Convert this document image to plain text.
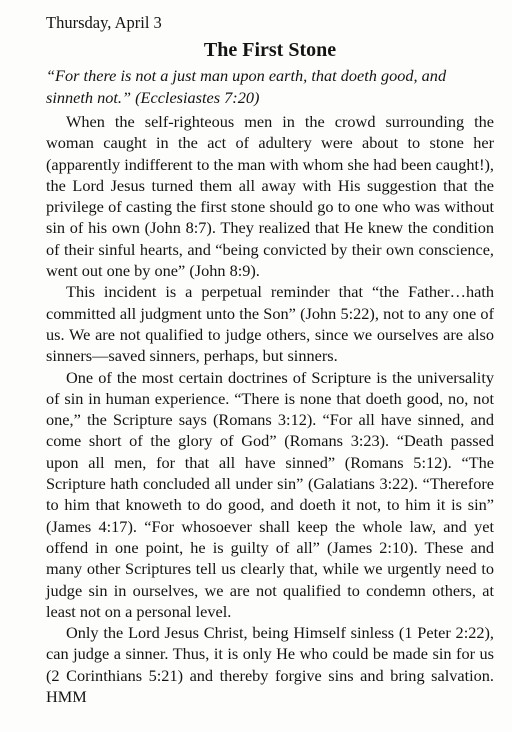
Thursday, April 3

The First Stone

“For there is not a just man upon earth, that doeth good, and sinneth not.” (Ecclesiastes 7:20)

When the self-righteous men in the crowd surrounding the woman caught in the act of adultery were about to stone her (apparently indifferent to the man with whom she had been caught!), the Lord Jesus turned them all away with His suggestion that the privilege of casting the first stone should go to one who was without sin of his own (John 8:7). They realized that He knew the condition of their sinful hearts, and “being convicted by their own conscience, went out one by one” (John 8:9).

This incident is a perpetual reminder that “the Father…hath committed all judgment unto the Son” (John 5:22), not to any one of us. We are not qualified to judge others, since we ourselves are also sinners—saved sinners, perhaps, but sinners.

One of the most certain doctrines of Scripture is the universality of sin in human experience. “There is none that doeth good, no, not one,” the Scripture says (Romans 3:12). “For all have sinned, and come short of the glory of God” (Romans 3:23). “Death passed upon all men, for that all have sinned” (Romans 5:12). “The Scripture hath concluded all under sin” (Galatians 3:22). “Therefore to him that knoweth to do good, and doeth it not, to him it is sin” (James 4:17). “For whosoever shall keep the whole law, and yet offend in one point, he is guilty of all” (James 2:10). These and many other Scriptures tell us clearly that, while we urgently need to judge sin in ourselves, we are not qualified to condemn others, at least not on a personal level.

Only the Lord Jesus Christ, being Himself sinless (1 Peter 2:22), can judge a sinner. Thus, it is only He who could be made sin for us (2 Corinthians 5:21) and thereby forgive sins and bring salvation. HMM
